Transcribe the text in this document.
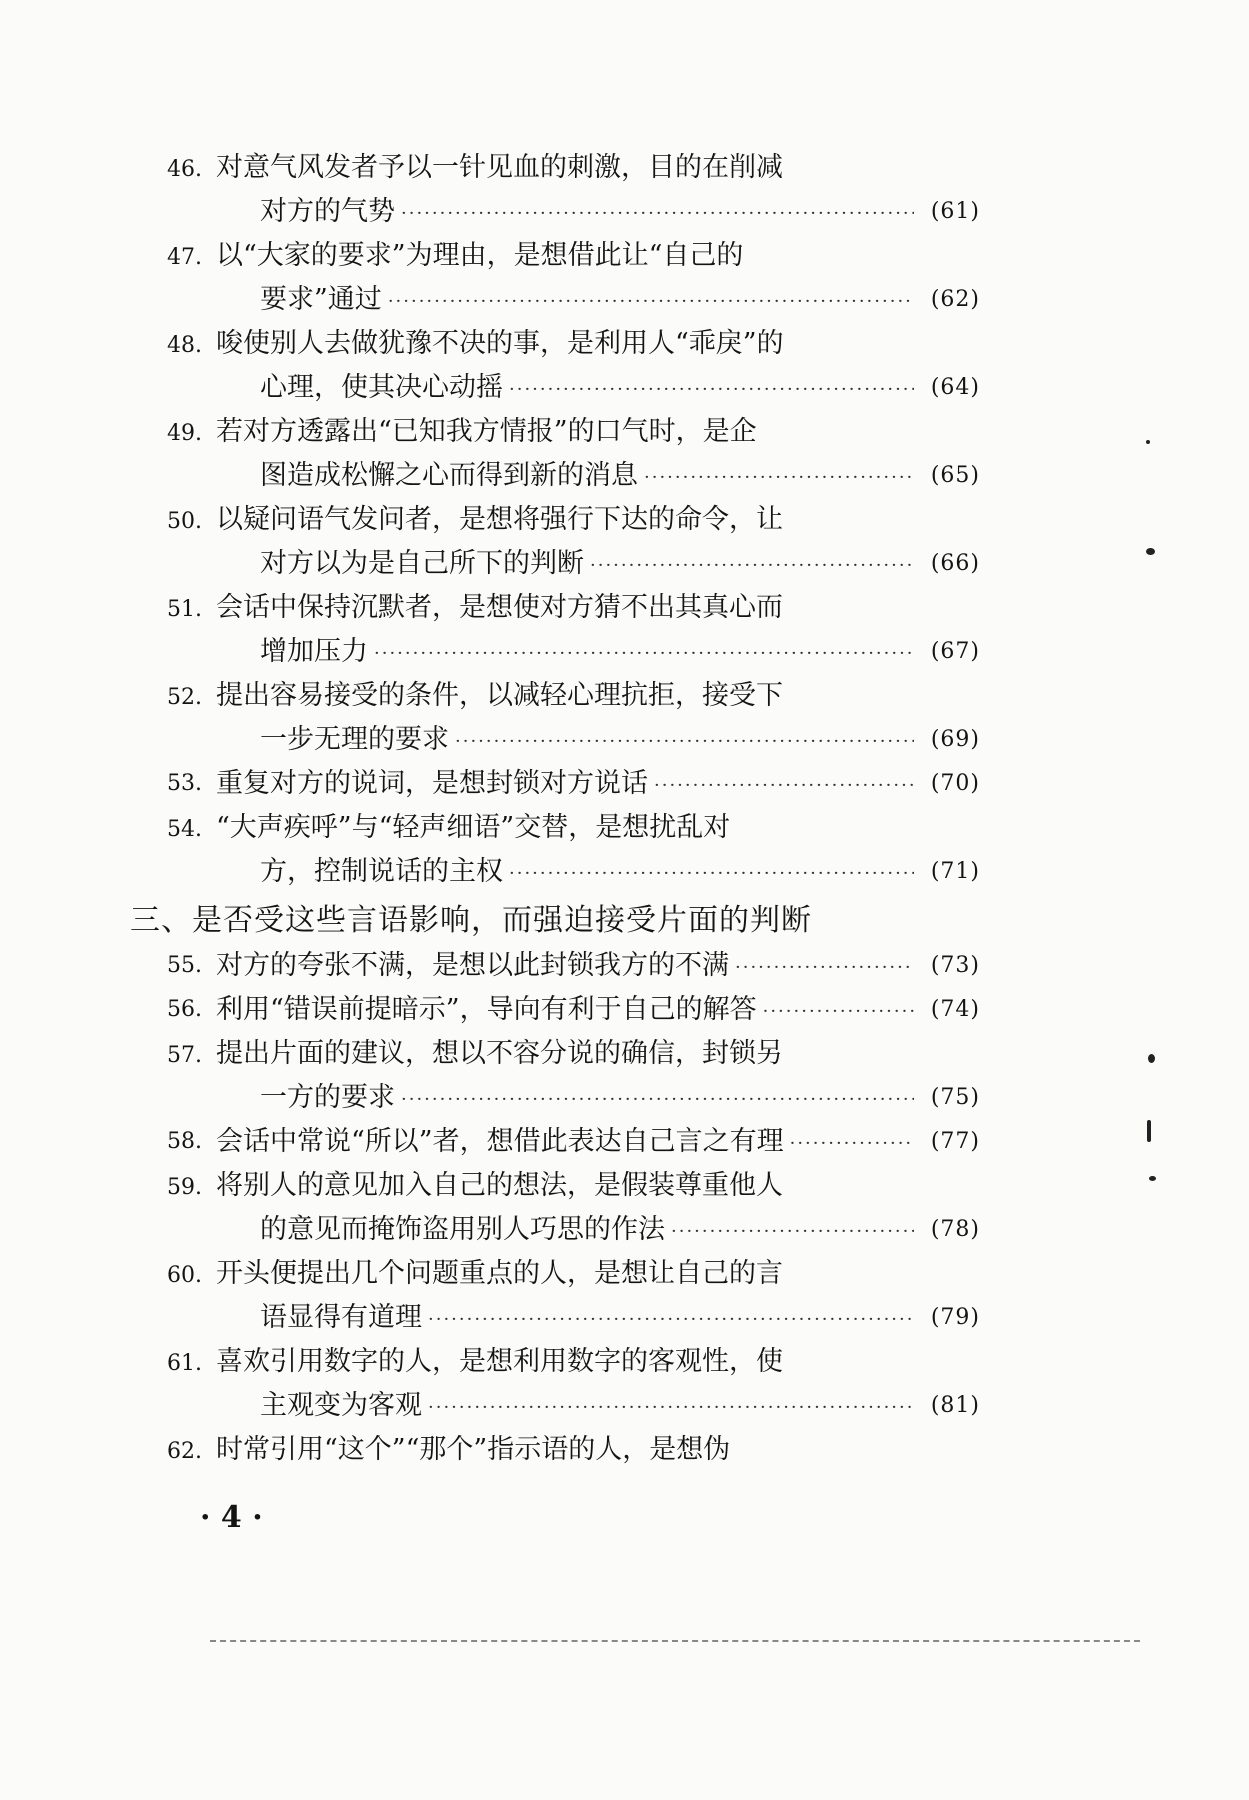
46. 对意气风发者予以一针见血的刺激，目的在削减
对方的气势 ·····	(61)
47. 以“大家的要求”为理由，是想借此让“自己的
要求”通过 ·····	(62)
48. 唆使别人去做犹豫不决的事，是利用人“乖戾”的
心理，使其决心动摇 ·····	(64)
49. 若对方透露出“已知我方情报”的口气时，是企
图造成松懈之心而得到新的消息 ·····	(65)
50. 以疑问语气发问者，是想将强行下达的命令，让
对方以为是自己所下的判断 ·····	(66)
51. 会话中保持沉默者，是想使对方猜不出其真心而
增加压力 ·····	(67)
52. 提出容易接受的条件，以减轻心理抗拒，接受下
一步无理的要求 ·····	(69)
53. 重复对方的说词，是想封锁对方说话 ·····	(70)
54. “大声疾呼”与“轻声细语”交替，是想扰乱对
方，控制说话的主权 ·····	(71)
三、是否受这些言语影响，而强迫接受片面的判断
55. 对方的夸张不满，是想以此封锁我方的不满 ·····	(73)
56. 利用“错误前提暗示”，导向有利于自己的解答 ·····	(74)
57. 提出片面的建议，想以不容分说的确信，封锁另
一方的要求 ·····	(75)
58. 会话中常说“所以”者，想借此表达自己言之有理 ·····	(77)
59. 将别人的意见加入自己的想法，是假装尊重他人
的意见而掩饰盗用别人巧思的作法 ·····	(78)
60. 开头便提出几个问题重点的人，是想让自己的言
语显得有道理 ·····	(79)
61. 喜欢引用数字的人，是想利用数字的客观性，使
主观变为客观 ·····	(81)
62. 时常引用“这个”“那个”指示语的人，是想伪
· 4 ·
